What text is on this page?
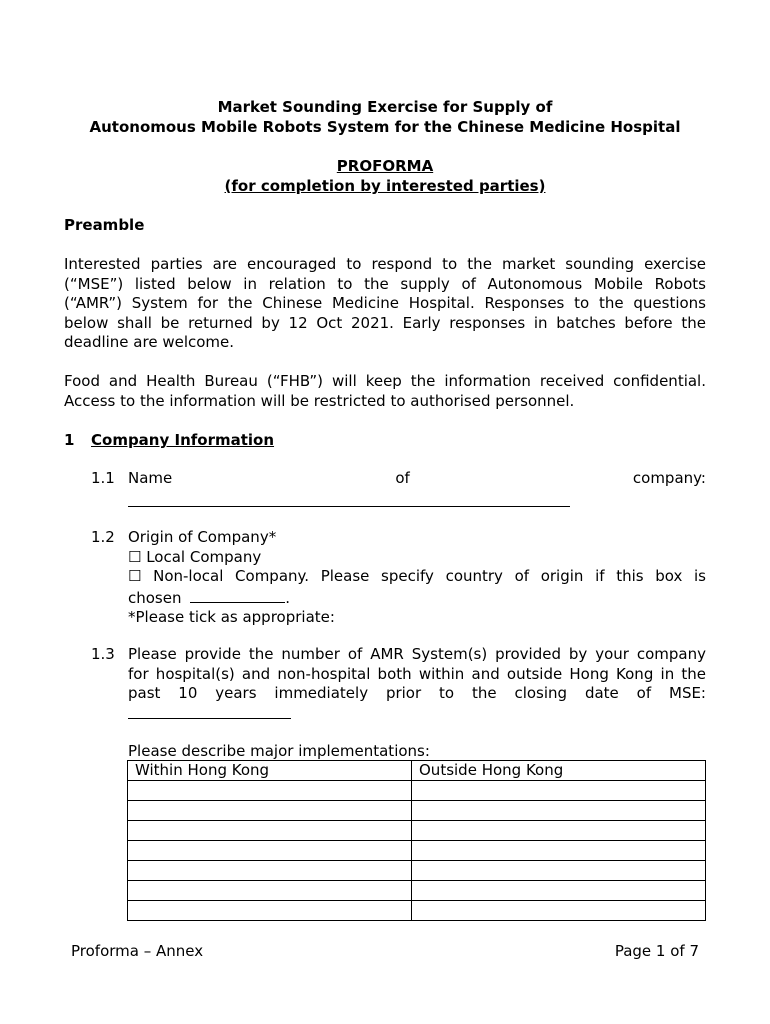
Market Sounding Exercise for Supply of
Autonomous Mobile Robots System for the Chinese Medicine Hospital
PROFORMA
(for completion by interested parties)
Preamble
Interested parties are encouraged to respond to the market sounding exercise
(“MSE”) listed below in relation to the supply of Autonomous Mobile Robots
(“AMR”) System for the Chinese Medicine Hospital. Responses to the questions
below shall be returned by 12 Oct 2021. Early responses in batches before the
deadline are welcome.
Food and Health Bureau (“FHB”) will keep the information received confidential.
Access to the information will be restricted to authorised personnel.
1 Company Information
1.1 Name	of	company:
1.2 Origin of Company*
☐ Local Company
☐ Non-local Company. Please specify country of origin if this box is
chosen	.
*Please tick as appropriate:
1.3 Please provide the number of AMR System(s) provided by your company
for hospital(s) and non-hospital both within and outside Hong Kong in the
past 10 years immediately prior to the closing date of MSE:
Please describe major implementations:
Within Hong Kong	Outside Hong Kong

Proforma – Annex	Page 1 of 7
